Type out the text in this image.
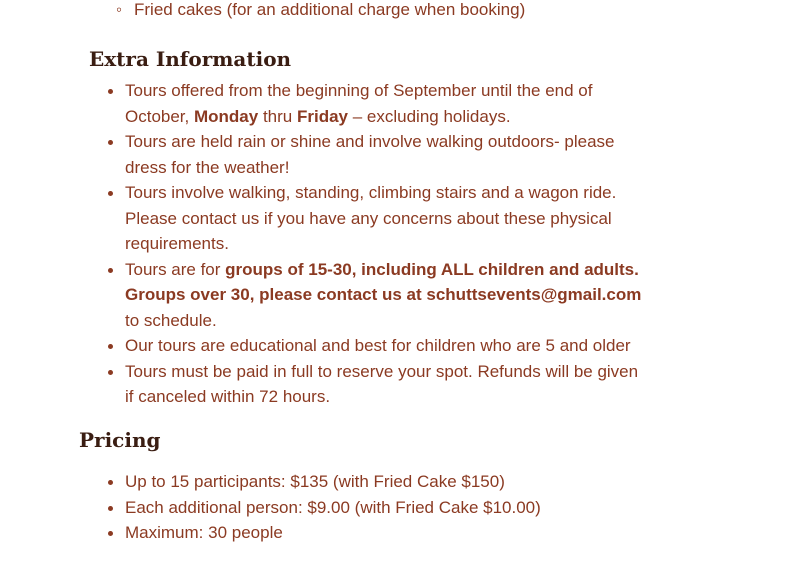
◦ Fried cakes (for an additional charge when booking)
Extra Information
Tours offered from the beginning of September until the end of October, Monday thru Friday – excluding holidays.
Tours are held rain or shine and involve walking outdoors- please dress for the weather!
Tours involve walking, standing, climbing stairs and a wagon ride. Please contact us if you have any concerns about these physical requirements.
Tours are for groups of 15-30, including ALL children and adults. Groups over 30, please contact us at schuttsevents@gmail.com to schedule.
Our tours are educational and best for children who are 5 and older
Tours must be paid in full to reserve your spot. Refunds will be given if canceled within 72 hours.
Pricing
Up to 15 participants: $135 (with Fried Cake $150)
Each additional person: $9.00 (with Fried Cake $10.00)
Maximum: 30 people
